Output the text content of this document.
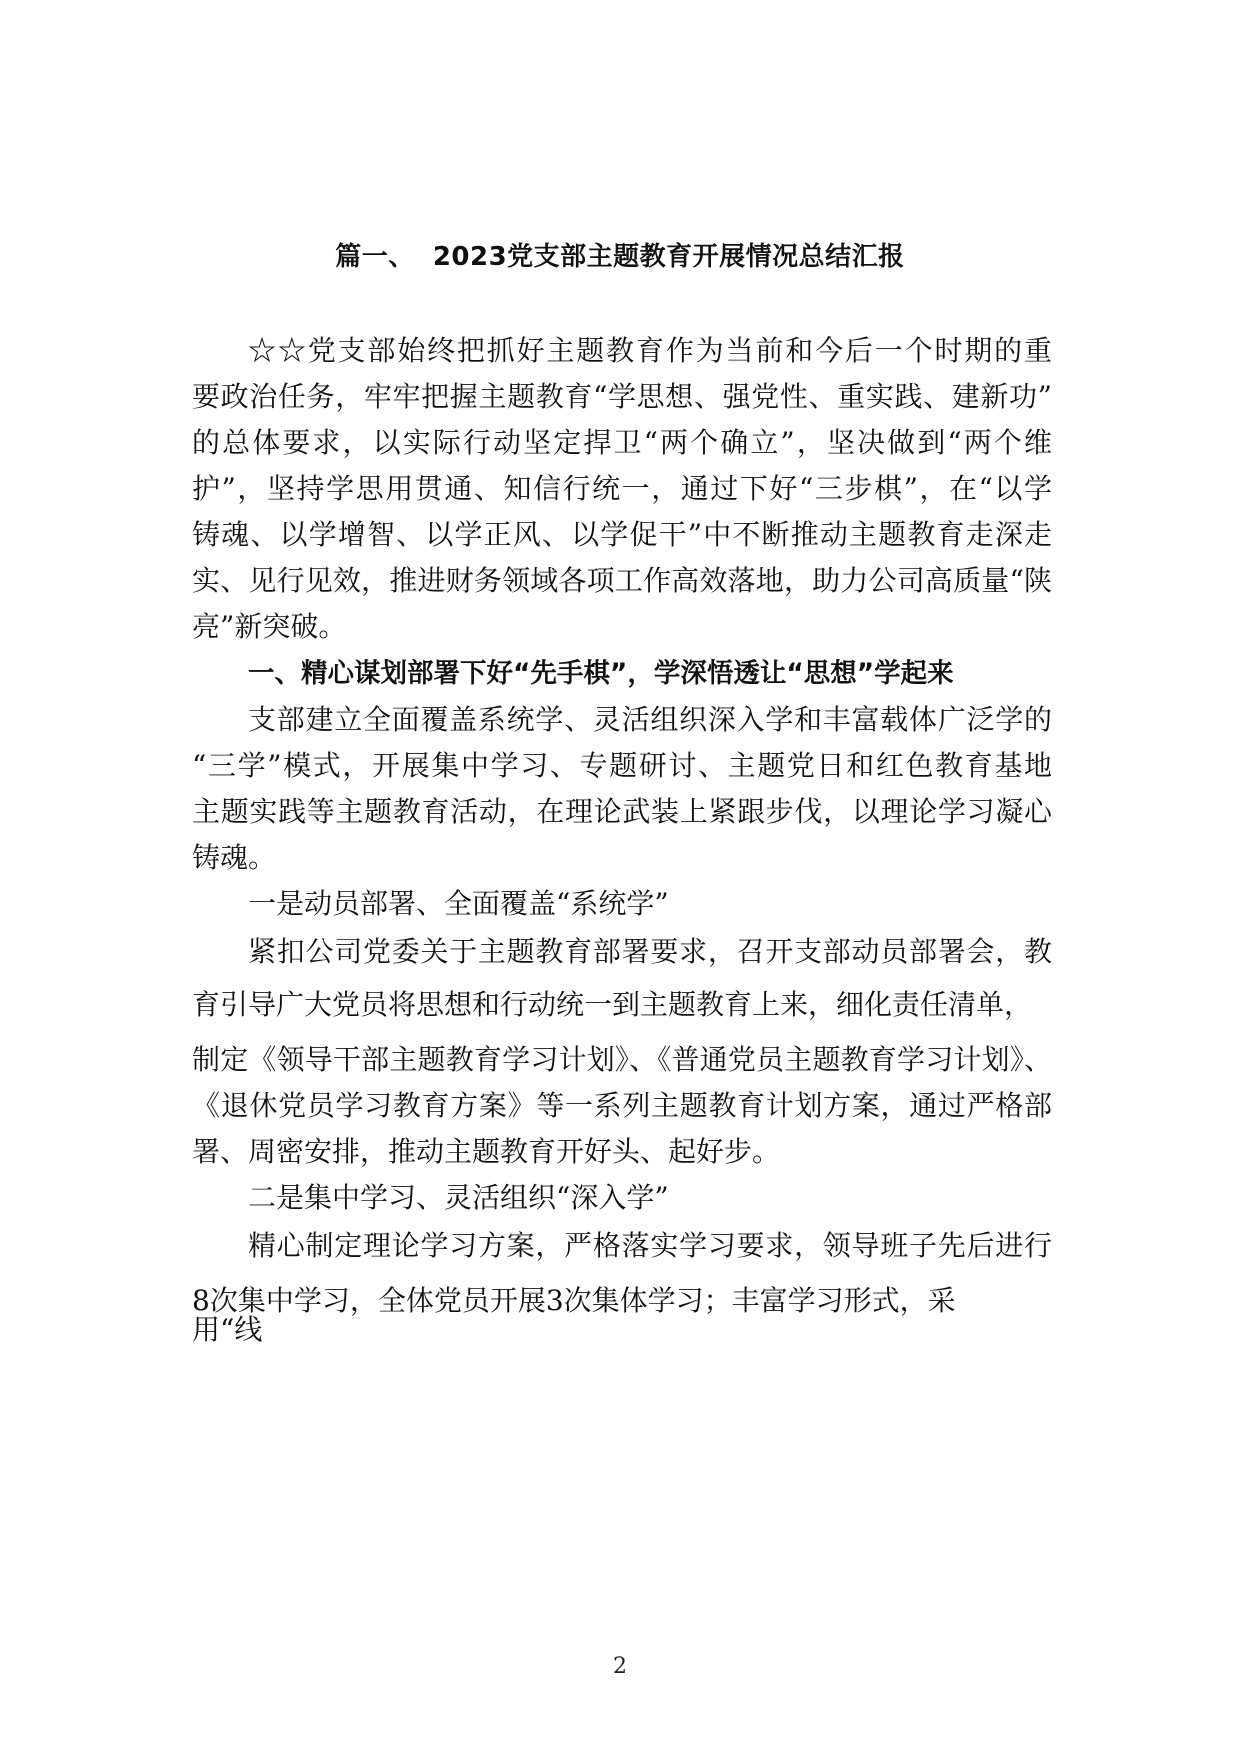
篇一、 2023党支部主题教育开展情况总结汇报
☆☆党支部始终把抓好主题教育作为当前和今后一个时期的重
要政治任务，牢牢把握主题教育“学思想、强党性、重实践、建新功”
的总体要求，以实际行动坚定捍卫“两个确立”，坚决做到“两个维
护”，坚持学思用贯通、知信行统一，通过下好“三步棋”，在“以学
铸魂、以学增智、以学正风、以学促干”中不断推动主题教育走深走
实、见行见效，推进财务领域各项工作高效落地，助力公司高质量“陕
亮”新突破。
一、精心谋划部署下好“先手棋”，学深悟透让“思想”学起来
支部建立全面覆盖系统学、灵活组织深入学和丰富载体广泛学的
“三学”模式，开展集中学习、专题研讨、主题党日和红色教育基地
主题实践等主题教育活动，在理论武装上紧跟步伐，以理论学习凝心
铸魂。
一是动员部署、全面覆盖“系统学”
紧扣公司党委关于主题教育部署要求，召开支部动员部署会，教
育引导广大党员将思想和行动统一到主题教育上来，细化责任清单，
制定《领导干部主题教育学习计划》、《普通党员主题教育学习计划》、
《退休党员学习教育方案》等一系列主题教育计划方案，通过严格部
署、周密安排，推动主题教育开好头、起好步。
二是集中学习、灵活组织“深入学”
精心制定理论学习方案，严格落实学习要求，领导班子先后进行
8次集中学习，全体党员开展3次集体学习；丰富学习形式，采
用“线
2
